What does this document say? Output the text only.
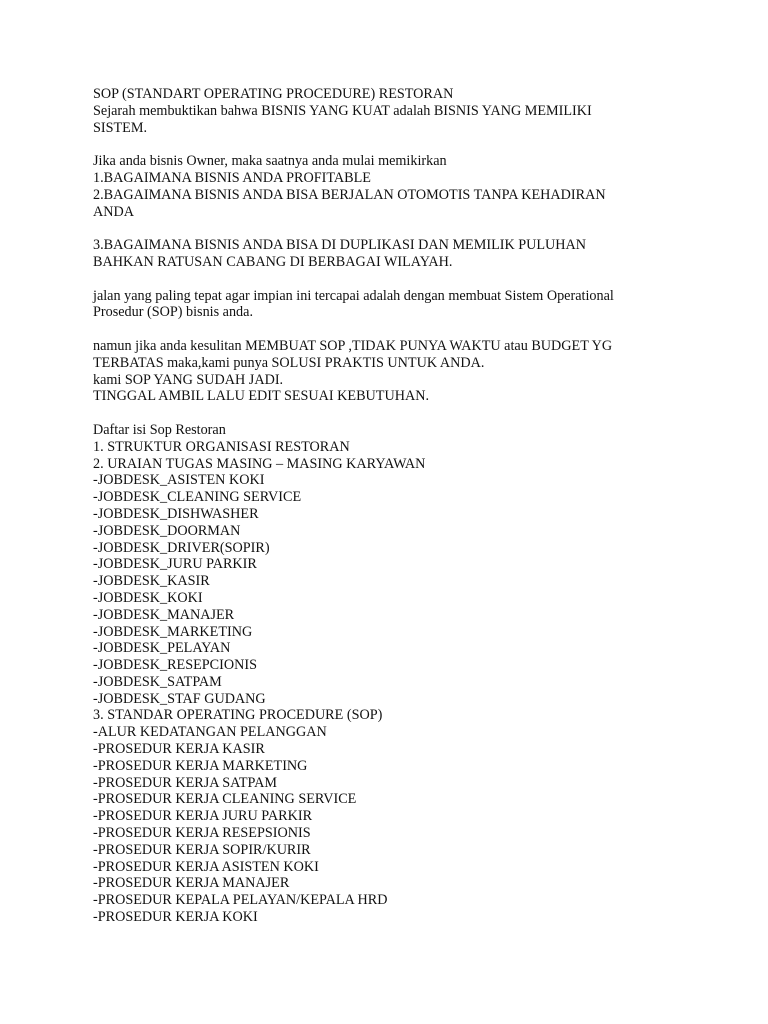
SOP (STANDART OPERATING PROCEDURE) RESTORAN
Sejarah membuktikan bahwa BISNIS YANG KUAT adalah BISNIS YANG MEMILIKI
SISTEM.
Jika anda bisnis Owner, maka saatnya anda mulai memikirkan
1.BAGAIMANA BISNIS ANDA PROFITABLE
2.BAGAIMANA BISNIS ANDA BISA BERJALAN OTOMOTIS TANPA KEHADIRAN
ANDA
3.BAGAIMANA BISNIS ANDA BISA DI DUPLIKASI DAN MEMILIK PULUHAN
BAHKAN RATUSAN CABANG DI BERBAGAI WILAYAH.
jalan yang paling tepat agar impian ini tercapai adalah dengan membuat Sistem Operational
Prosedur (SOP) bisnis anda.
namun jika anda kesulitan MEMBUAT SOP ,TIDAK PUNYA WAKTU atau BUDGET YG
TERBATAS maka,kami punya SOLUSI PRAKTIS UNTUK ANDA.
kami SOP YANG SUDAH JADI.
TINGGAL AMBIL LALU EDIT SESUAI KEBUTUHAN.
Daftar isi Sop Restoran
1. STRUKTUR ORGANISASI RESTORAN
2. URAIAN TUGAS MASING – MASING KARYAWAN
-JOBDESK_ASISTEN KOKI
-JOBDESK_CLEANING SERVICE
-JOBDESK_DISHWASHER
-JOBDESK_DOORMAN
-JOBDESK_DRIVER(SOPIR)
-JOBDESK_JURU PARKIR
-JOBDESK_KASIR
-JOBDESK_KOKI
-JOBDESK_MANAJER
-JOBDESK_MARKETING
-JOBDESK_PELAYAN
-JOBDESK_RESEPCIONIS
-JOBDESK_SATPAM
-JOBDESK_STAF GUDANG
3. STANDAR OPERATING PROCEDURE (SOP)
-ALUR KEDATANGAN PELANGGAN
-PROSEDUR KERJA KASIR
-PROSEDUR KERJA MARKETING
-PROSEDUR KERJA SATPAM
-PROSEDUR KERJA CLEANING SERVICE
-PROSEDUR KERJA JURU PARKIR
-PROSEDUR KERJA RESEPSIONIS
-PROSEDUR KERJA SOPIR/KURIR
-PROSEDUR KERJA ASISTEN KOKI
-PROSEDUR KERJA MANAJER
-PROSEDUR KEPALA PELAYAN/KEPALA HRD
-PROSEDUR KERJA KOKI
